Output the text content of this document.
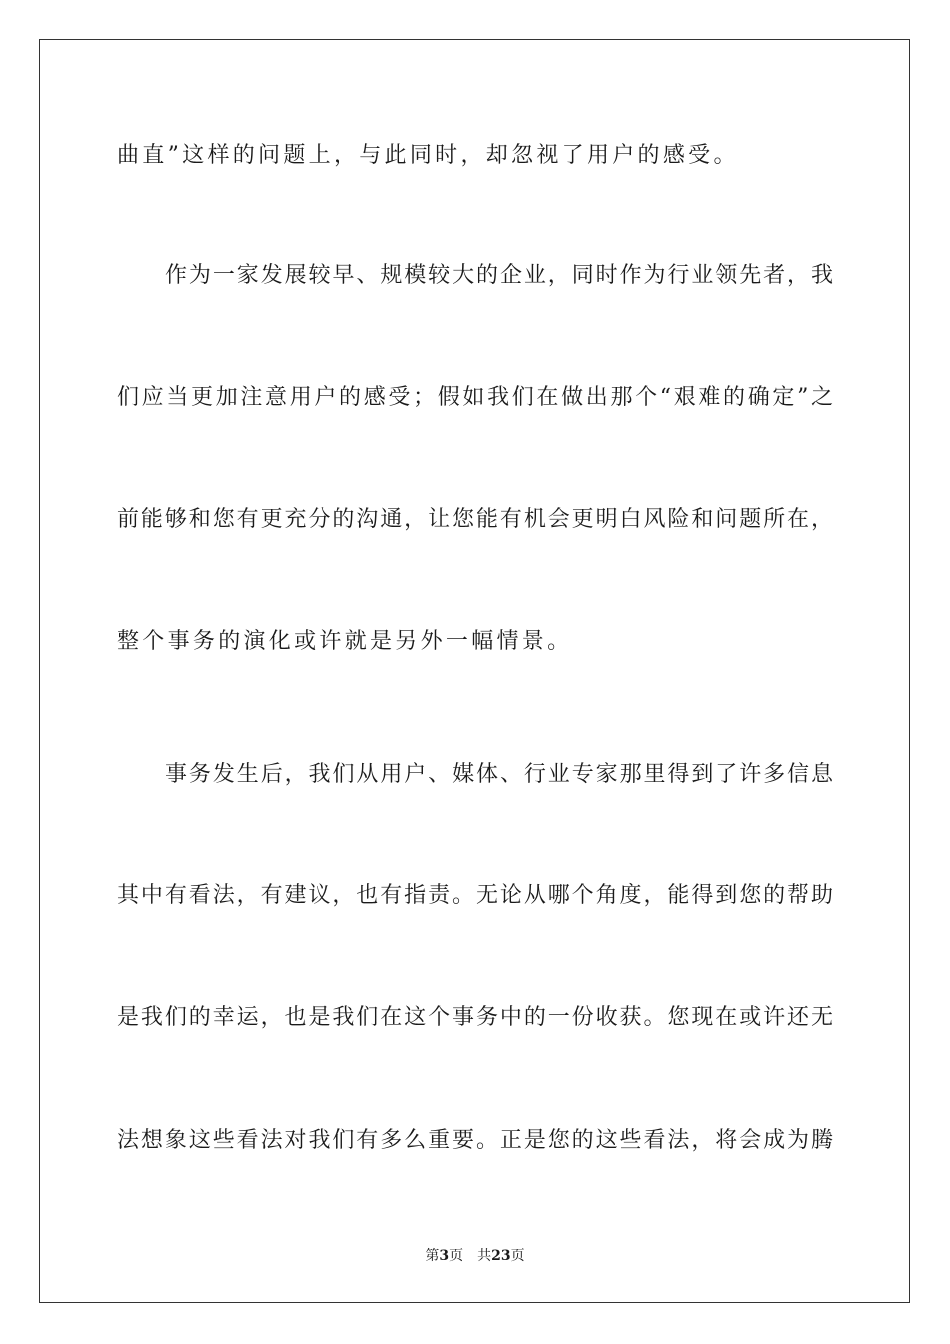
曲直”这样的问题上，与此同时，却忽视了用户的感受。
作为一家发展较早、规模较大的企业，同时作为行业领先者，我
们应当更加注意用户的感受；假如我们在做出那个“艰难的确定”之
前能够和您有更充分的沟通，让您能有机会更明白风险和问题所在，
整个事务的演化或许就是另外一幅情景。
事务发生后，我们从用户、媒体、行业专家那里得到了许多信息
其中有看法，有建议，也有指责。无论从哪个角度，能得到您的帮助
是我们的幸运，也是我们在这个事务中的一份收获。您现在或许还无
法想象这些看法对我们有多么重要。正是您的这些看法，将会成为腾
第3页 共23页
